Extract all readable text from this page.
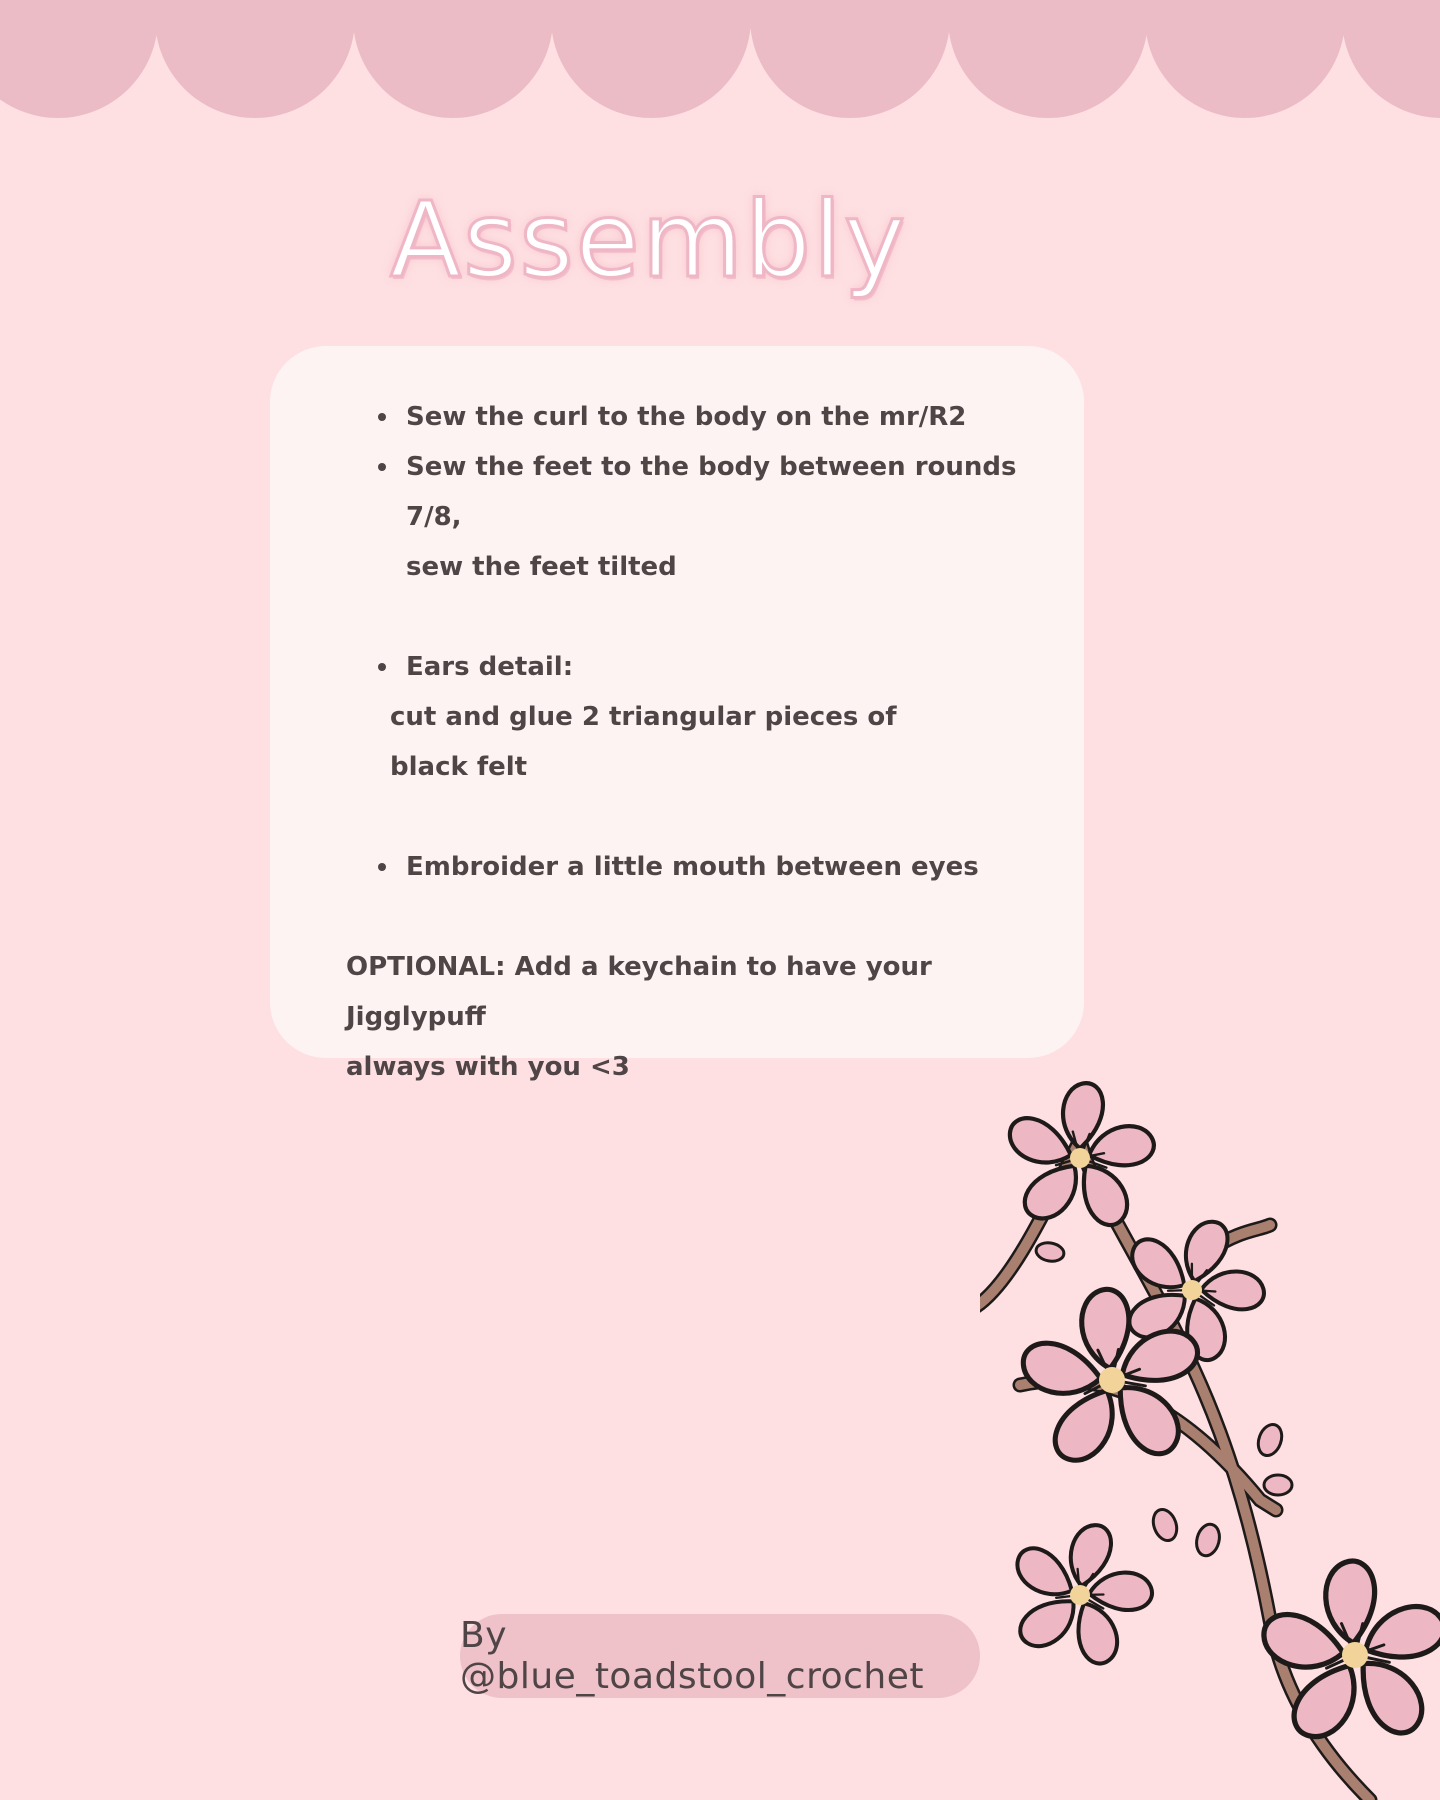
Assembly
Sew the curl to the body on the mr/R2
Sew the feet to the body between rounds 7/8,
sew the feet tilted
Ears detail:

cut and glue 2 triangular pieces of

black felt

Embroider a little mouth between eyes

OPTIONAL: Add a keychain to have your Jigglypuff
always with you <3

By @blue_toadstool_crochet
